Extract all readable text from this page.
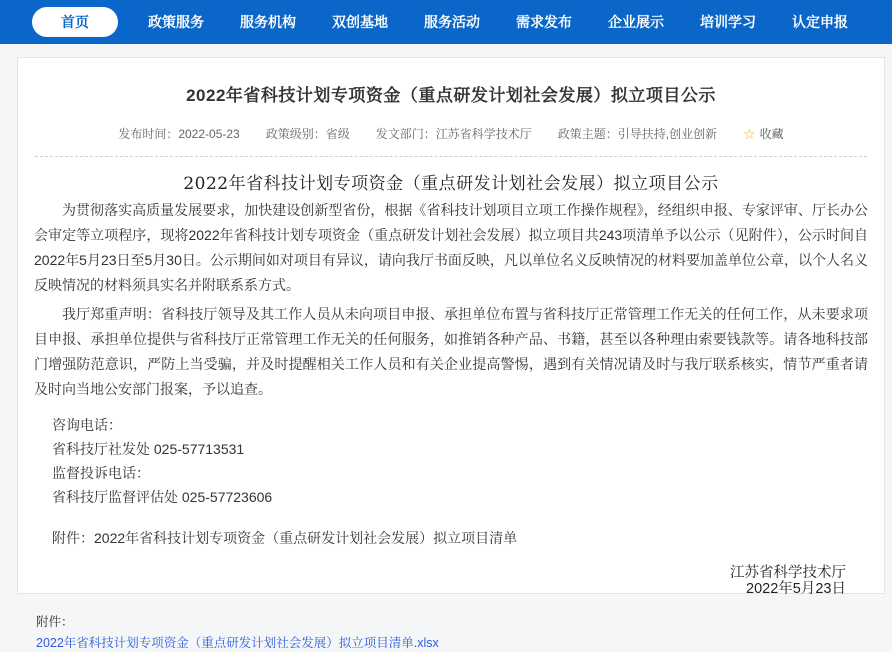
首页	政策服务	服务机构	双创基地	服务活动	需求发布	企业展示	培训学习	认定申报
2022年省科技计划专项资金（重点研发计划社会发展）拟立项目公示
发布时间：2022-05-23 政策级别：省级 发文部门：江苏省科学技术厅 政策主题：引导扶持,创业创新 ☆ 收藏
2022年省科技计划专项资金（重点研发计划社会发展）拟立项目公示

为贯彻落实高质量发展要求，加快建设创新型省份，根据《省科技计划项目立项工作操作规程》，经组织申报、专家评审、厅长办公会审定等立项程序，现将2022年省科技计划专项资金（重点研发计划社会发展）拟立项目共243项清单予以公示（见附件），公示时间自2022年5月23日至5月30日。公示期间如对项目有异议，请向我厅书面反映，凡以单位名义反映情况的材料要加盖单位公章，以个人名义反映情况的材料须具实名并附联系系方式。

我厅郑重声明：省科技厅领导及其工作人员从未向项目申报、承担单位布置与省科技厅正常管理工作无关的任何工作，从未要求项目申报、承担单位提供与省科技厅正常管理工作无关的任何服务，如推销各种产品、书籍，甚至以各种理由索要钱款等。请各地科技部门增强防范意识，严防上当受骗，并及时提醒相关工作人员和有关企业提高警惕，遇到有关情况请及时与我厅联系核实，情节严重者请及时向当地公安部门报案，予以追查。

咨询电话：
省科技厅社发处 025-57713531
监督投诉电话：
省科技厅监督评估处 025-57723606
附件：2022年省科技计划专项资金（重点研发计划社会发展）拟立项目清单
江苏省科学技术厅
2022年5月23日
附件：
2022年省科技计划专项资金（重点研发计划社会发展）拟立项目清单.xlsx
